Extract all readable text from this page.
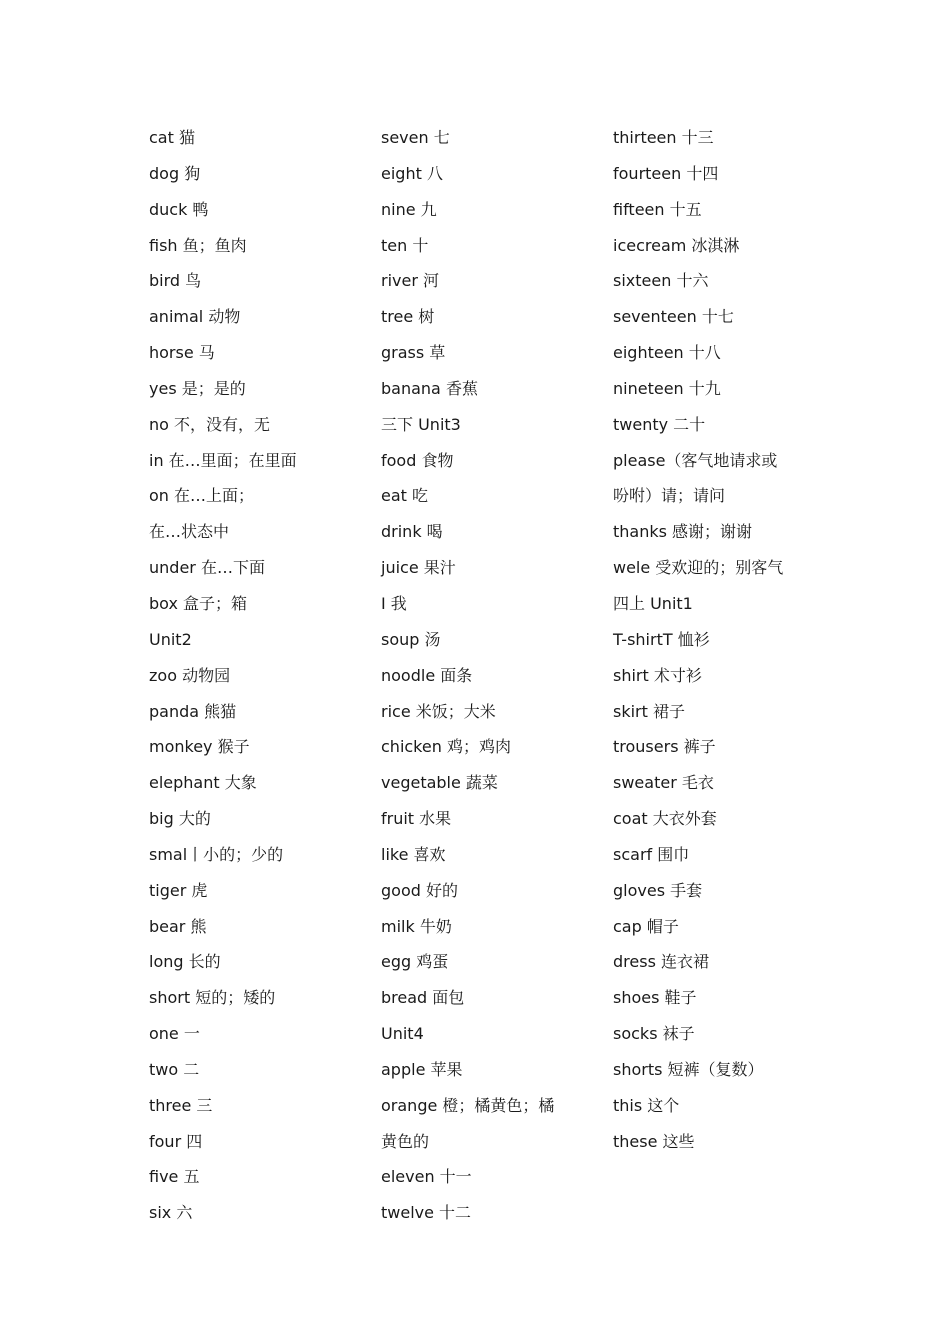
cat 猫
dog 狗
duck 鸭
fish 鱼；鱼肉
bird 鸟
animal 动物
horse 马
yes 是；是的
no 不，没有，无
in 在…里面；在里面
on 在…上面；
在…状态中
under 在…下面
box 盒子；箱
Unit2
zoo 动物园
panda 熊猫
monkey 猴子
elephant 大象
big 大的
smal丨小的；少的
tiger 虎
bear 熊
long 长的
short 短的；矮的
one 一
two 二
three 三
four 四
five 五
six 六
seven 七
eight 八
nine 九
ten 十
river 河
tree 树
grass 草
banana 香蕉
三下 Unit3
food 食物
eat 吃
drink 喝
juice 果汁
I 我
soup 汤
noodle 面条
rice 米饭；大米
chicken 鸡；鸡肉
vegetable 蔬菜
fruit 水果
like 喜欢
good 好的
milk 牛奶
egg 鸡蛋
bread 面包
Unit4
apple 苹果
orange 橙；橘黄色；橘
黄色的
eleven 十一
twelve 十二
thirteen 十三
fourteen 十四
fifteen 十五
icecream 冰淇淋
sixteen 十六
seventeen 十七
eighteen 十八
nineteen 十九
twenty 二十
please（客气地请求或
吩咐）请；请问
thanks 感谢；谢谢
wele 受欢迎的；别客气
四上 Unit1
T-shirtT 恤衫
shirt 术寸衫
skirt 裙子
trousers 裤子
sweater 毛衣
coat 大衣外套
scarf 围巾
gloves 手套
cap 帽子
dress 连衣裙
shoes 鞋子
socks 袜子
shorts 短裤（复数）
this 这个
these 这些
